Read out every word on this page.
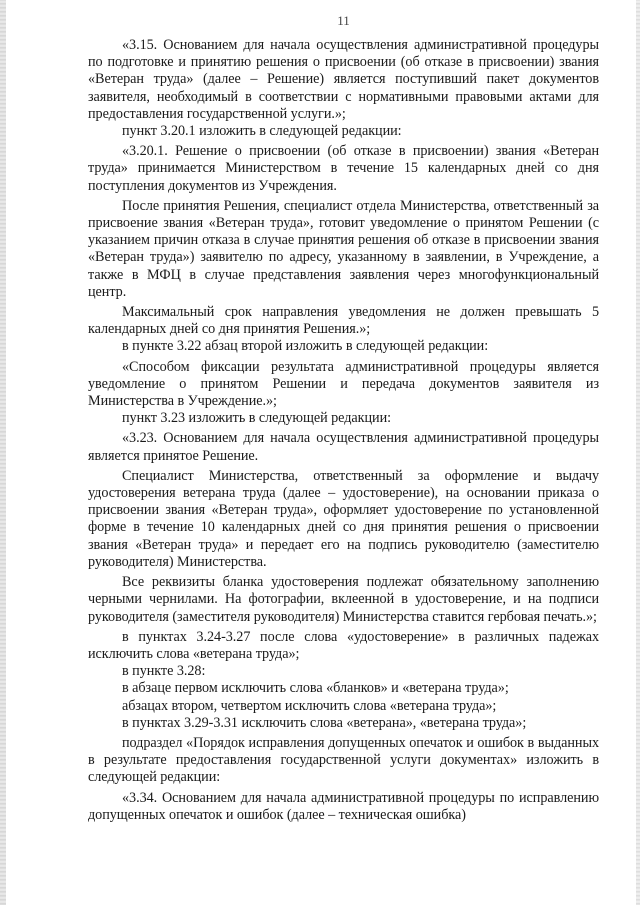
11

«3.15. Основанием для начала осуществления административной процедуры по подготовке и принятию решения о присвоении (об отказе в присвоении) звания «Ветеран труда» (далее – Решение) является поступивший пакет документов заявителя, необходимый в соответствии с нормативными правовыми актами для предоставления государственной услуги.»;

пункт 3.20.1 изложить в следующей редакции:

«3.20.1. Решение о присвоении (об отказе в присвоении) звания «Ветеран труда» принимается Министерством в течение 15 календарных дней со дня поступления документов из Учреждения.

После принятия Решения, специалист отдела Министерства, ответственный за присвоение звания «Ветеран труда», готовит уведомление о принятом Решении (с указанием причин отказа в случае принятия решения об отказе в присвоении звания «Ветеран труда») заявителю по адресу, указанному в заявлении, в Учреждение, а также в МФЦ в случае представления заявления через многофункциональный центр.

Максимальный срок направления уведомления не должен превышать 5 календарных дней со дня принятия Решения.»;

в пункте 3.22 абзац второй изложить в следующей редакции:

«Способом фиксации результата административной процедуры является уведомление о принятом Решении и передача документов заявителя из Министерства в Учреждение.»;

пункт 3.23 изложить в следующей редакции:

«3.23. Основанием для начала осуществления административной процедуры является принятое Решение.

Специалист Министерства, ответственный за оформление и выдачу удостоверения ветерана труда (далее – удостоверение), на основании приказа о присвоении звания «Ветеран труда», оформляет удостоверение по установленной форме в течение 10 календарных дней со дня принятия решения о присвоении звания «Ветеран труда» и передает его на подпись руководителю (заместителю руководителя) Министерства.

Все реквизиты бланка удостоверения подлежат обязательному заполнению черными чернилами. На фотографии, вклеенной в удостоверение, и на подписи руководителя (заместителя руководителя) Министерства ставится гербовая печать.»;

в пунктах 3.24-3.27 после слова «удостоверение» в различных падежах исключить слова «ветерана труда»;

в пункте 3.28:

в абзаце первом исключить слова «бланков» и «ветерана труда»;

абзацах втором, четвертом исключить слова «ветерана труда»;

в пунктах 3.29-3.31 исключить слова «ветерана», «ветерана труда»;

подраздел «Порядок исправления допущенных опечаток и ошибок в выданных в результате предоставления государственной услуги документах» изложить в следующей редакции:

«3.34. Основанием для начала административной процедуры по исправлению допущенных опечаток и ошибок (далее – техническая ошибка)
